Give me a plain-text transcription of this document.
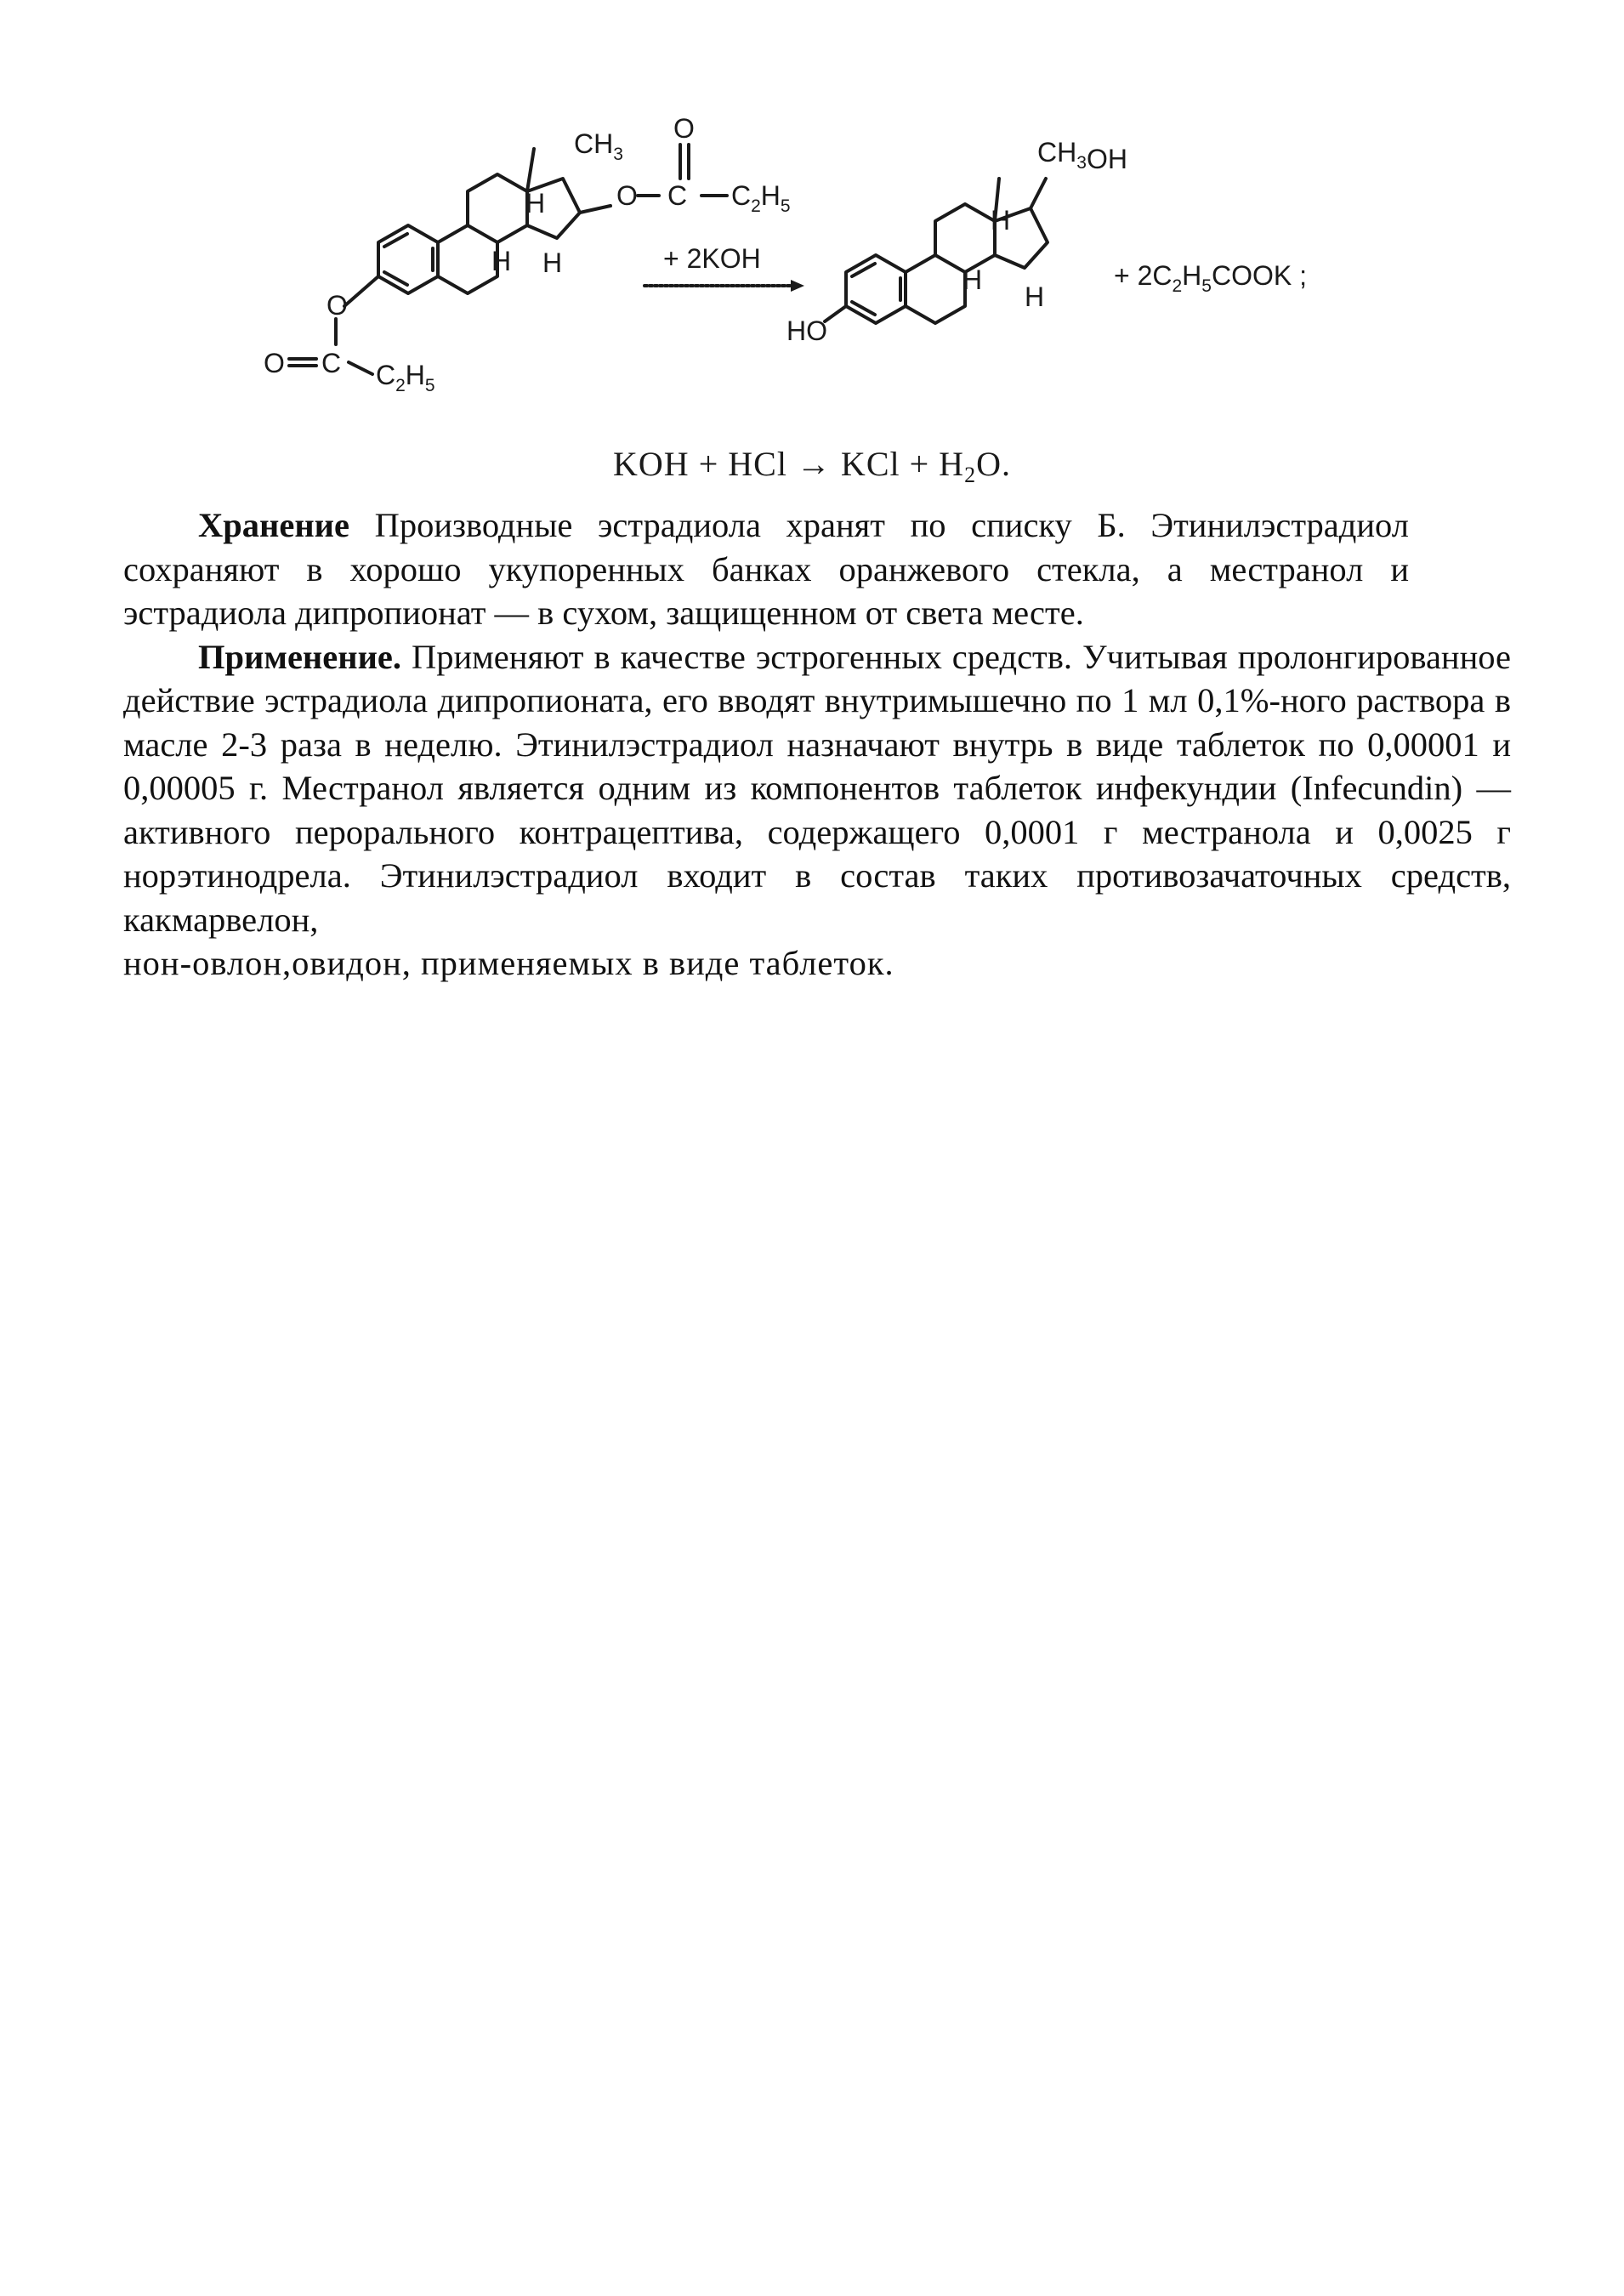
$CH_3$
O
O
C $C_2H_5$
H
H H
O
C
O	$C_2H_5$
+ 2KOH
$CH_3$ OH
HO
H
H
H
+ $2C_2H_5COOK$ ;
KOH + HCl → KCl + $H_2O$.

Хранение Производные эстрадиола хранят по списку Б. Этинилэстрадиол сохраняют в хорошо укупоренных банках оранжевого стекла, а местранол и эстрадиола дипропионат — в сухом, защищенном от света месте.

Применение. Применяют в качестве эстрогенных средств. Учитывая пролонгированное действие эстрадиола дипропионата, его вводят внутримышечно по 1 мл 0,1%-ного раствора в масле 2-3 раза в неделю. Этинилэстрадиол назначают внутрь в виде таблеток по 0,00001 и 0,00005 г. Местранол является одним из компонентов таблеток инфекундии (Infecundin) — активного перорального контрацептива, содержащего 0,0001 г местранола и 0,0025 г норэтинодрела. Этинилэстрадиол входит в состав таких противозачаточных средств, какмарвелон,
нон-овлон,овидон, применяемых в виде таблеток.
